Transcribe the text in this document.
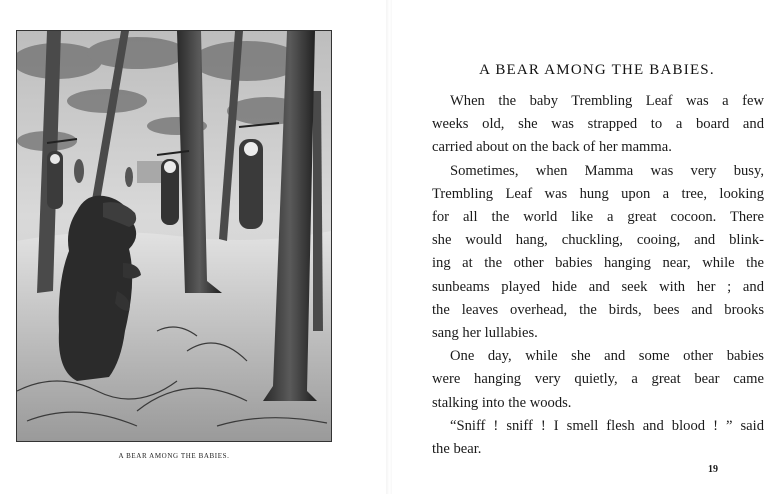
A BEAR AMONG THE BABIES.
A BEAR AMONG THE BABIES.
When the baby Trembling Leaf was a few
weeks old, she was strapped to a board and
carried about on the back of her mamma.
Sometimes, when Mamma was very busy,
Trembling Leaf was hung upon a tree, looking
for all the world like a great cocoon. There
she would hang, chuckling, cooing, and blink-
ing at the other babies hanging near, while the
sunbeams played hide and seek with her ; and
the leaves overhead, the birds, bees and brooks
sang her lullabies.
One day, while she and some other babies
were hanging very quietly, a great bear came
stalking into the woods.
“Sniff ! sniff ! I smell flesh and blood ! ” said
the bear.
19
